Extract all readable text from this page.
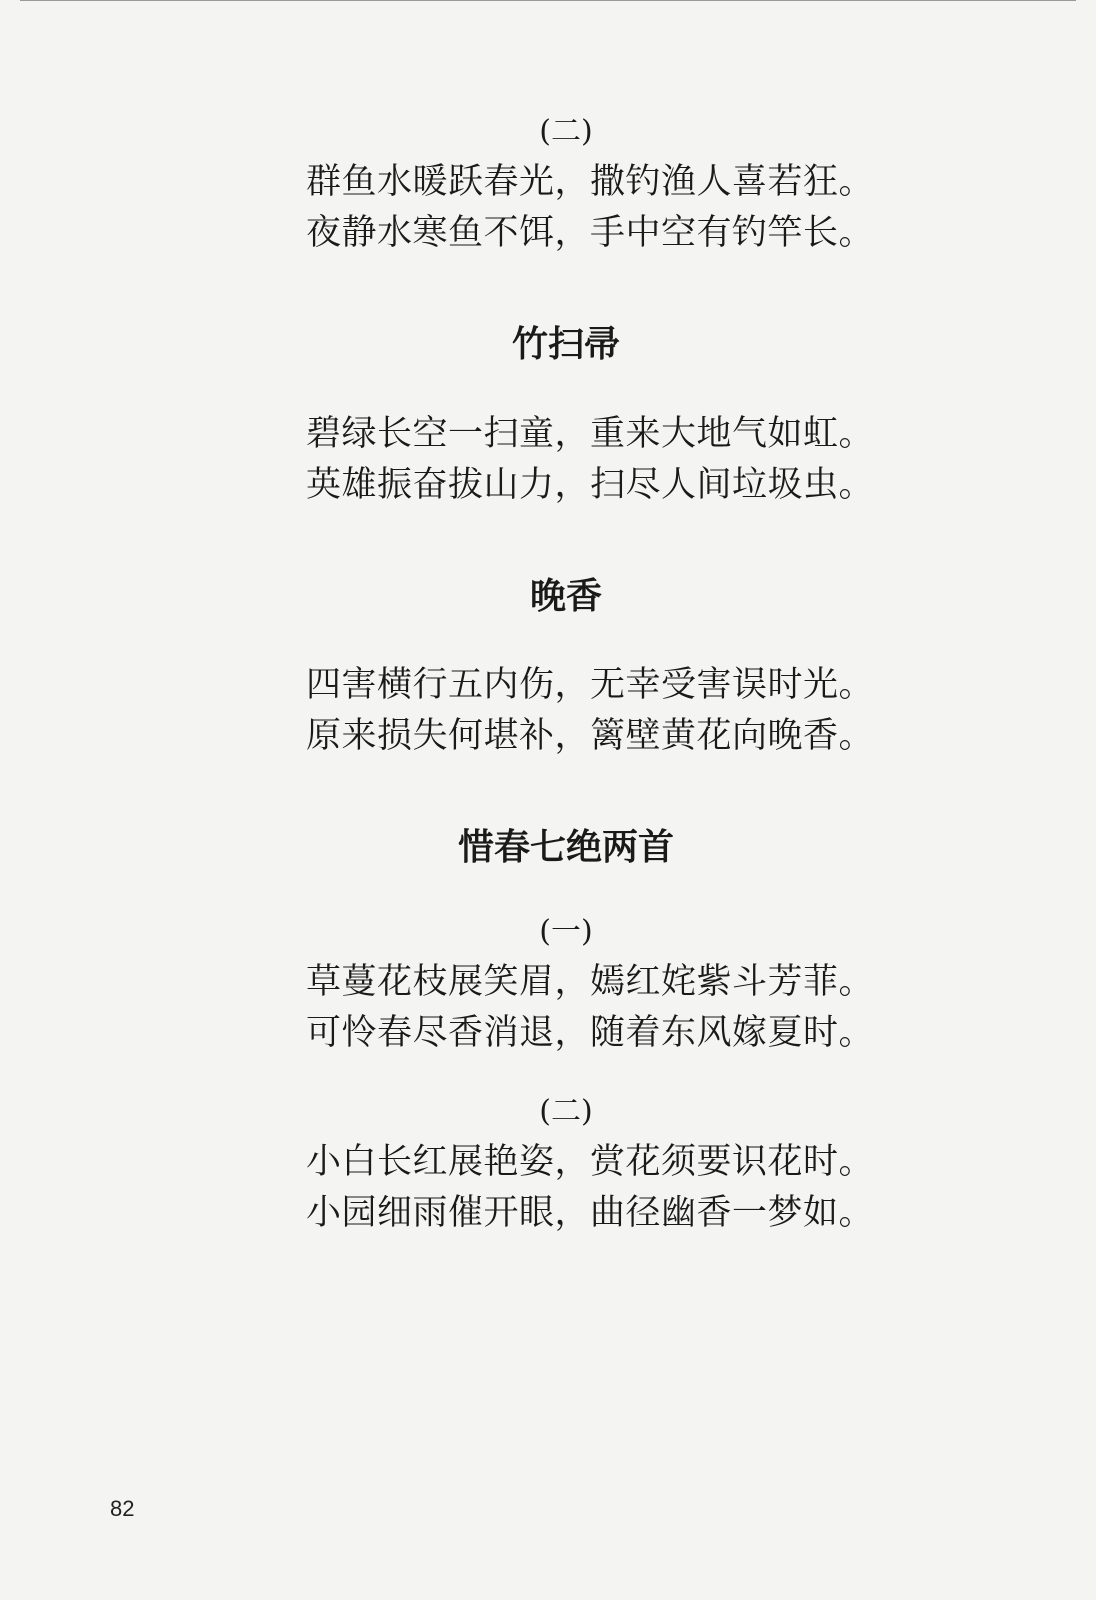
(二)
群鱼水暖跃春光，撒钓渔人喜若狂。
夜静水寒鱼不饵，手中空有钓竿长。
竹扫帚
碧绿长空一扫童，重来大地气如虹。
英雄振奋拔山力，扫尽人间垃圾虫。
晚香
四害横行五内伤，无幸受害误时光。
原来损失何堪补，篱壁黄花向晚香。
惜春七绝两首
(一)
草蔓花枝展笑眉，嫣红姹紫斗芳菲。
可怜春尽香消退，随着东风嫁夏时。
(二)
小白长红展艳姿，赏花须要识花时。
小园细雨催开眼，曲径幽香一梦如。
82
